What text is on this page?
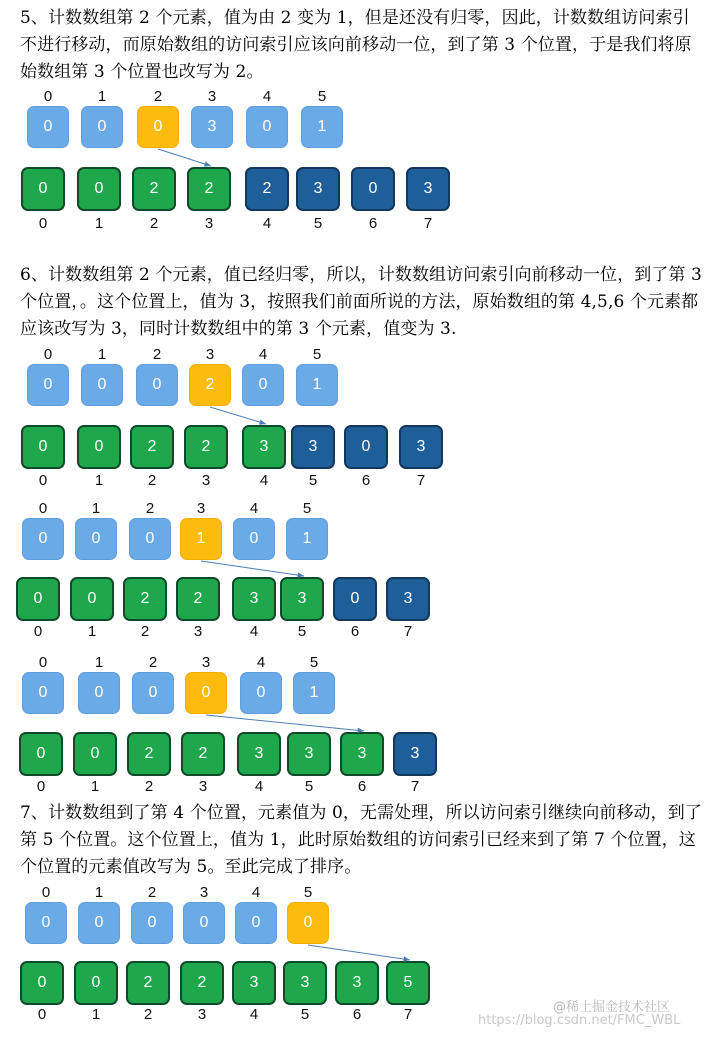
5、计数数组第 2 个元素，值为由 2 变为 1，但是还没有归零，因此，计数数组访问索引不进行移动，而原始数组的访问索引应该向前移动一位，到了第 3 个位置，于是我们将原始数组第 3 个位置也改写为 2。
6、计数数组第 2 个元素，值已经归零，所以，计数数组访问索引向前移动一位，到了第 3 个位置，。这个位置上，值为 3，按照我们前面所说的方法，原始数组的第 4,5,6 个元素都应该改写为 3，同时计数数组中的第 3 个元素，值变为 3.
7、计数数组到了第 4 个位置，元素值为 0，无需处理，所以访问索引继续向前移动，到了第 5 个位置。这个位置上，值为 1，此时原始数组的访问索引已经来到了第 7 个位置，这个位置的元素值改写为 5。至此完成了排序。
0
0
1
0
2
0
3
3
4
0
5
1
0
0
0
1
2
2
2
3
2
4
3
5
0
6
3
7
0
0
1
0
2
0
3
2
4
0
5
1
0
0
0
1
2
2
2
3
3
4
3
5
0
6
3
7
0
0
1
0
2
0
3
1
4
0
5
1
0
0
0
1
2
2
2
3
3
4
3
5
0
6
3
7
0
0
1
0
2
0
3
0
4
0
5
1
0
0
0
1
2
2
2
3
3
4
3
5
3
6
3
7
0
0
1
0
2
0
3
0
4
0
5
0
0
0
0
1
2
2
2
3
3
4
3
5
3
6
5
7	@稀土掘金技术社区
https://blog.csdn.net/FMC_WBL
